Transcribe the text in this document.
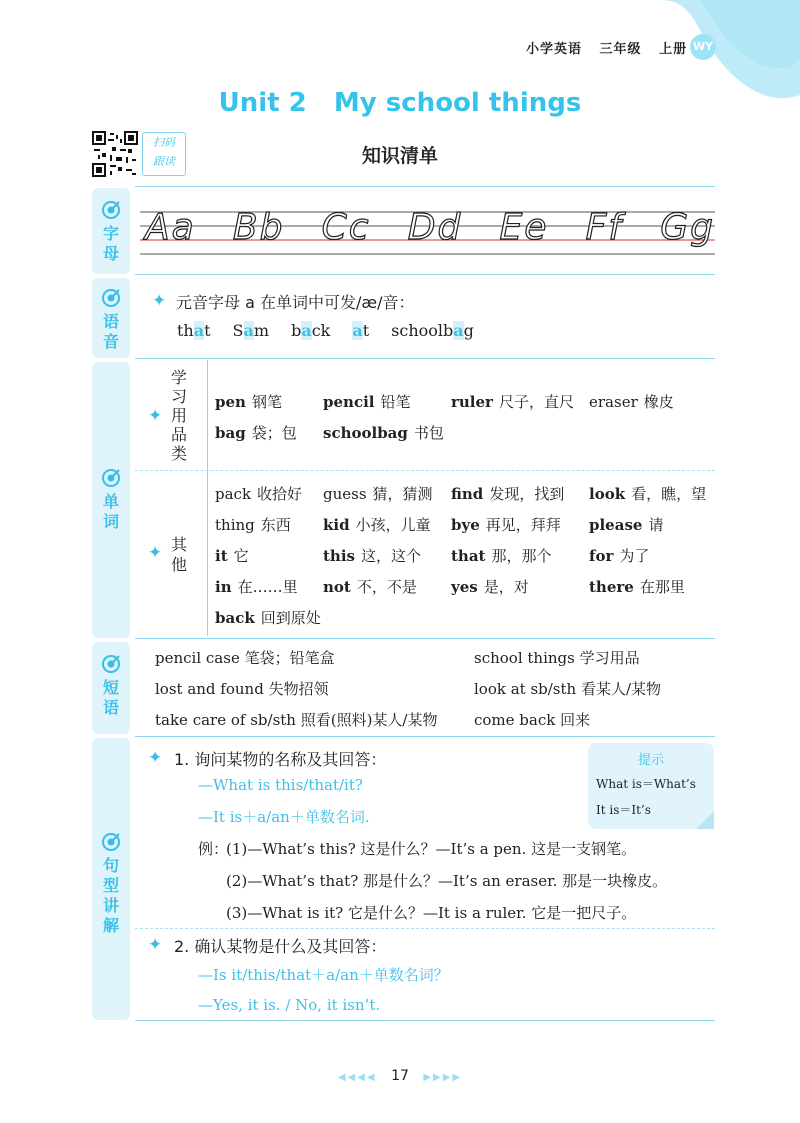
小学英语 三年级 上册 WY
Unit 2   My school things
扫码
跟读	知识清单
字母
语音
单词
短语
句型讲解
Aa Bb Cc Dd Ee Ff Gg
✦ 元音字母 a 在单词中可发/æ/音：
that Sam back at schoolbag
✦
学
习
用
品
类
pen 钢笔	pencil 铅笔	ruler 尺子，直尺 eraser 橡皮
bag 袋；包 schoolbag 书包
✦ 其
他
pack 收拾好 guess 猜，猜测 find 发现，找到 look 看，瞧，望
thing 东西 kid 小孩，儿童 bye 再见，拜拜 please 请
it 它	this 这，这个 that 那，那个	for 为了
in 在……里 not 不，不是 yes 是，对	there 在那里
back 回到原处
pencil case 笔袋；铅笔盒	school things 学习用品
lost and found 失物招领	look at sb/sth 看某人/某物
take care of sb/sth 照看(照料)某人/某物 come back 回来
提示
What is＝What’s
It is＝It’s
✦ 1. 询问某物的名称及其回答：
—What is this/that/it?
—It is＋a/an＋单数名词.
例：
(1)—What’s this? 这是什么？—It’s a pen. 这是一支钢笔。
(2)—What’s that? 那是什么？—It’s an eraser. 那是一块橡皮。
(3)—What is it? 它是什么？—It is a ruler. 它是一把尺子。
✦ 2. 确认某物是什么及其回答：
—Is it/this/that＋a/an＋单数名词？
—Yes, it is. / No, it isn’t.
◀◀◀◀ 17 ▶▶▶▶
